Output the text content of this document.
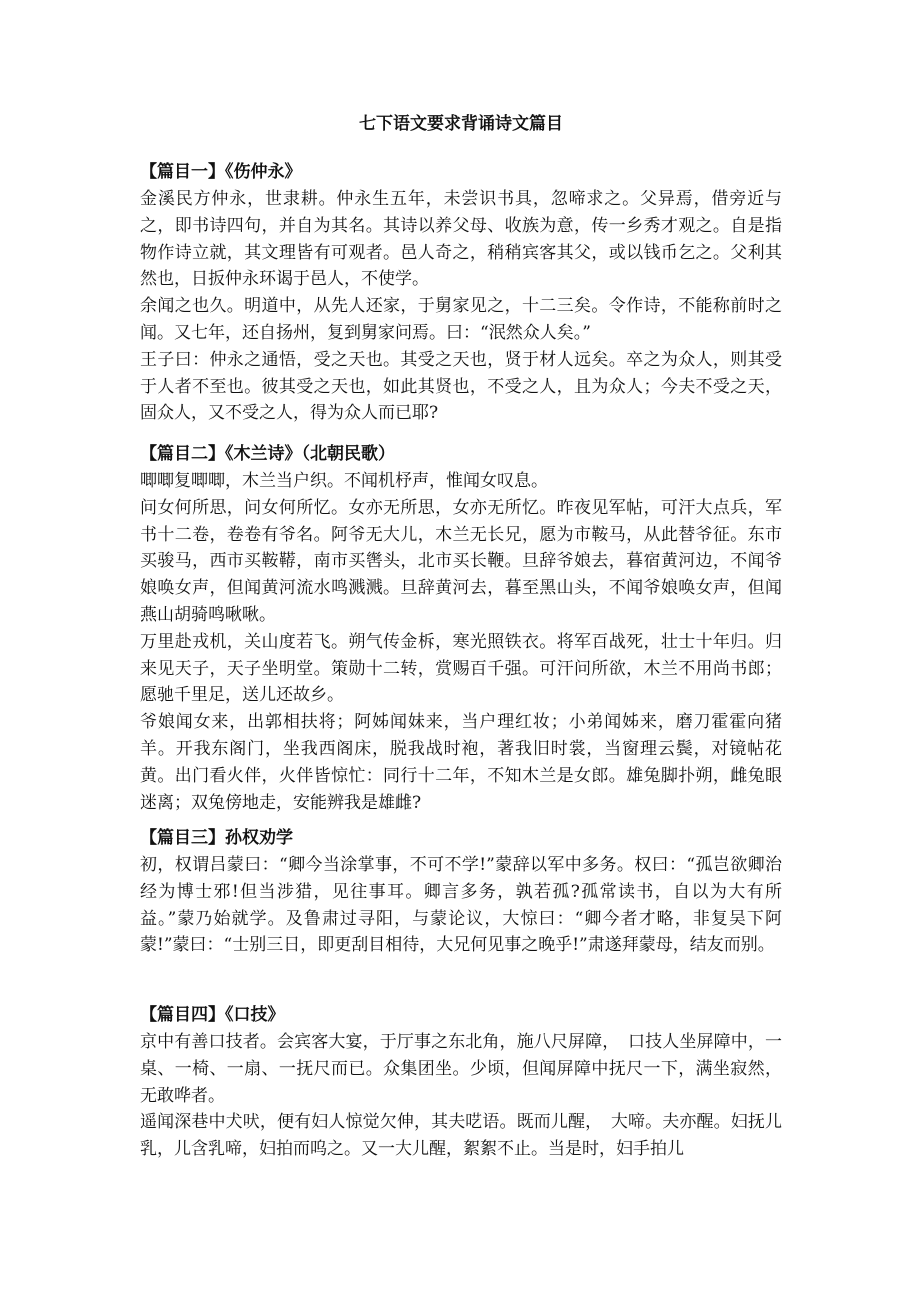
七下语文要求背诵诗文篇目

【篇目一】《伤仲永》

金溪民方仲永，世隶耕。仲永生五年，未尝识书具，忽啼求之。父异焉，借旁近与之，即书诗四句，并自为其名。其诗以养父母、收族为意，传一乡秀才观之。自是指物作诗立就，其文理皆有可观者。邑人奇之，稍稍宾客其父，或以钱币乞之。父利其然也，日扳仲永环谒于邑人，不使学。

余闻之也久。明道中，从先人还家，于舅家见之，十二三矣。令作诗，不能称前时之闻。又七年，还自扬州，复到舅家问焉。曰：“泯然众人矣。”

王子曰：仲永之通悟，受之天也。其受之天也，贤于材人远矣。卒之为众人，则其受于人者不至也。彼其受之天也，如此其贤也，不受之人，且为众人；今夫不受之天，固众人，又不受之人，得为众人而已耶?

【篇目二】《木兰诗》（北朝民歌）

唧唧复唧唧，木兰当户织。不闻机杼声，惟闻女叹息。

问女何所思，问女何所忆。女亦无所思，女亦无所忆。昨夜见军帖，可汗大点兵，军书十二卷，卷卷有爷名。阿爷无大儿，木兰无长兄，愿为市鞍马，从此替爷征。东市买骏马，西市买鞍鞯，南市买辔头，北市买长鞭。旦辞爷娘去，暮宿黄河边，不闻爷娘唤女声，但闻黄河流水鸣溅溅。旦辞黄河去，暮至黑山头，不闻爷娘唤女声，但闻燕山胡骑鸣啾啾。

万里赴戎机，关山度若飞。朔气传金柝，寒光照铁衣。将军百战死，壮士十年归。归来见天子，天子坐明堂。策勋十二转，赏赐百千强。可汗问所欲，木兰不用尚书郎；愿驰千里足，送儿还故乡。

爷娘闻女来，出郭相扶将；阿姊闻妹来，当户理红妆；小弟闻姊来，磨刀霍霍向猪羊。开我东阁门，坐我西阁床，脱我战时袍，著我旧时裳，当窗理云鬓，对镜帖花黄。出门看火伴，火伴皆惊忙：同行十二年，不知木兰是女郎。雄兔脚扑朔，雌兔眼迷离；双兔傍地走，安能辨我是雄雌?

【篇目三】孙权劝学

初，权谓吕蒙曰：“卿今当涂掌事，不可不学!”蒙辞以军中多务。权曰：“孤岂欲卿治经为博士邪!但当涉猎，见往事耳。卿言多务，孰若孤?孤常读书，自以为大有所益。”蒙乃始就学。及鲁肃过寻阳，与蒙论议，大惊曰：“卿今者才略，非复吴下阿蒙!”蒙曰：“士别三日，即更刮目相待，大兄何见事之晚乎!”肃遂拜蒙母，结友而别。

【篇目四】《口技》

京中有善口技者。会宾客大宴，于厅事之东北角，施八尺屏障，　口技人坐屏障中，一桌、一椅、一扇、一抚尺而已。众集团坐。少顷，但闻屏障中抚尺一下，满坐寂然，无敢哗者。

遥闻深巷中犬吠，便有妇人惊觉欠伸，其夫呓语。既而儿醒，　大啼。夫亦醒。妇抚儿乳，儿含乳啼，妇拍而呜之。又一大儿醒，絮絮不止。当是时，妇手拍儿
